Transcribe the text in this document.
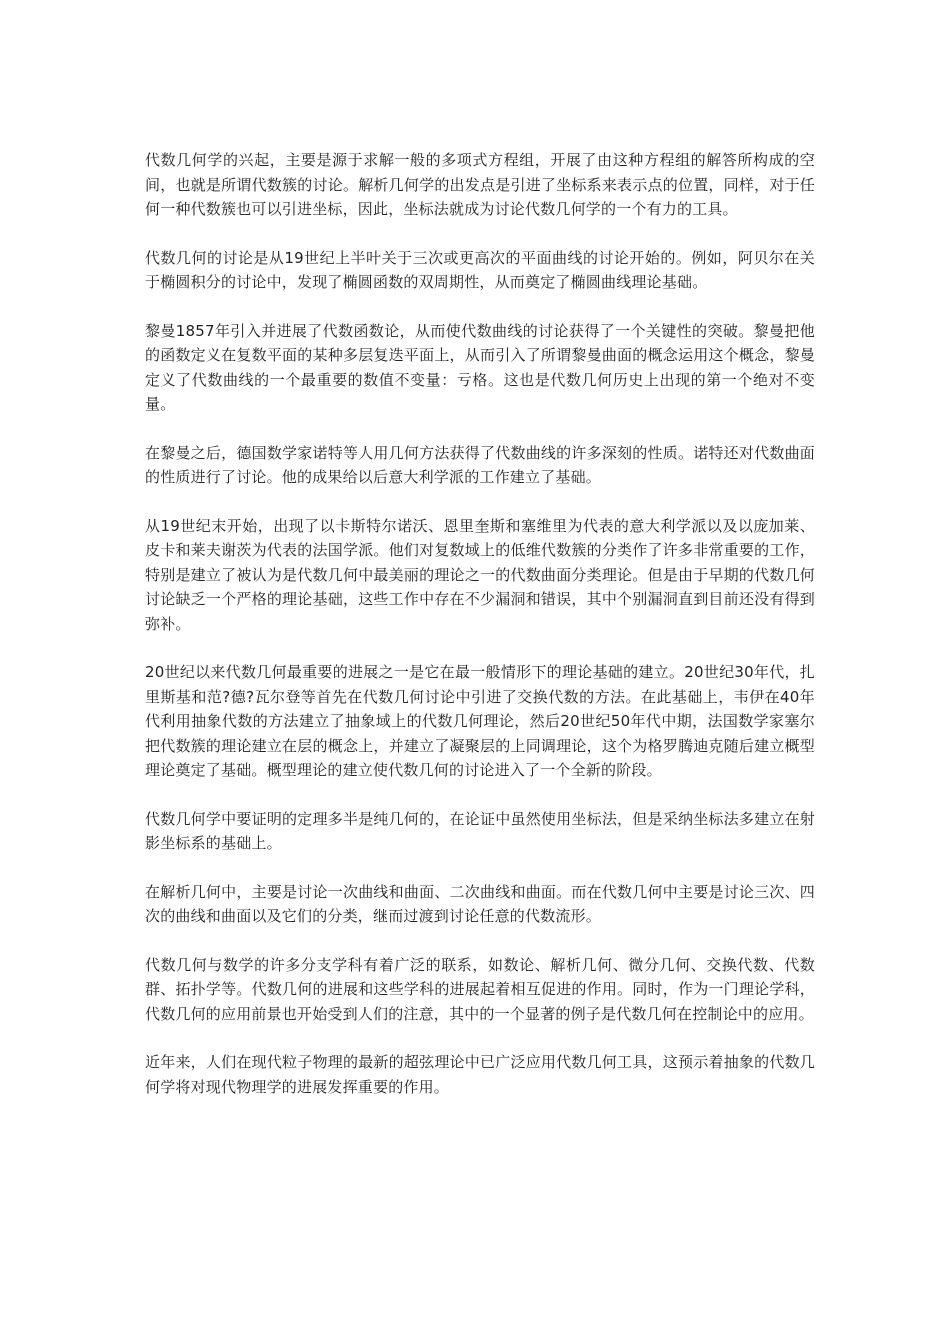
代数几何学的兴起，主要是源于求解一般的多项式方程组，开展了由这种方程组的解答所构成的空间，也就是所谓代数簇的讨论。解析几何学的出发点是引进了坐标系来表示点的位置，同样，对于任何一种代数簇也可以引进坐标，因此，坐标法就成为讨论代数几何学的一个有力的工具。

代数几何的讨论是从19世纪上半叶关于三次或更高次的平面曲线的讨论开始的。例如，阿贝尔在关于椭圆积分的讨论中，发现了椭圆函数的双周期性，从而奠定了椭圆曲线理论基础。

黎曼1857年引入并进展了代数函数论，从而使代数曲线的讨论获得了一个关键性的突破。黎曼把他的函数定义在复数平面的某种多层复迭平面上，从而引入了所谓黎曼曲面的概念运用这个概念，黎曼定义了代数曲线的一个最重要的数值不变量：亏格。这也是代数几何历史上出现的第一个绝对不变量。

在黎曼之后，德国数学家诺特等人用几何方法获得了代数曲线的许多深刻的性质。诺特还对代数曲面的性质进行了讨论。他的成果给以后意大利学派的工作建立了基础。

从19世纪末开始，出现了以卡斯特尔诺沃、恩里奎斯和塞维里为代表的意大利学派以及以庞加莱、皮卡和莱夫谢茨为代表的法国学派。他们对复数域上的低维代数簇的分类作了许多非常重要的工作，特别是建立了被认为是代数几何中最美丽的理论之一的代数曲面分类理论。但是由于早期的代数几何讨论缺乏一个严格的理论基础，这些工作中存在不少漏洞和错误，其中个别漏洞直到目前还没有得到弥补。

20世纪以来代数几何最重要的进展之一是它在最一般情形下的理论基础的建立。20世纪30年代，扎里斯基和范?德?瓦尔登等首先在代数几何讨论中引进了交换代数的方法。在此基础上，韦伊在40年代利用抽象代数的方法建立了抽象域上的代数几何理论，然后20世纪50年代中期，法国数学家塞尔把代数簇的理论建立在层的概念上，并建立了凝聚层的上同调理论，这个为格罗腾迪克随后建立概型理论奠定了基础。概型理论的建立使代数几何的讨论进入了一个全新的阶段。

代数几何学中要证明的定理多半是纯几何的，在论证中虽然使用坐标法，但是采纳坐标法多建立在射影坐标系的基础上。

在解析几何中，主要是讨论一次曲线和曲面、二次曲线和曲面。而在代数几何中主要是讨论三次、四次的曲线和曲面以及它们的分类，继而过渡到讨论任意的代数流形。

代数几何与数学的许多分支学科有着广泛的联系，如数论、解析几何、微分几何、交换代数、代数群、拓扑学等。代数几何的进展和这些学科的进展起着相互促进的作用。同时，作为一门理论学科，代数几何的应用前景也开始受到人们的注意，其中的一个显著的例子是代数几何在控制论中的应用。

近年来，人们在现代粒子物理的最新的超弦理论中已广泛应用代数几何工具，这预示着抽象的代数几何学将对现代物理学的进展发挥重要的作用。
